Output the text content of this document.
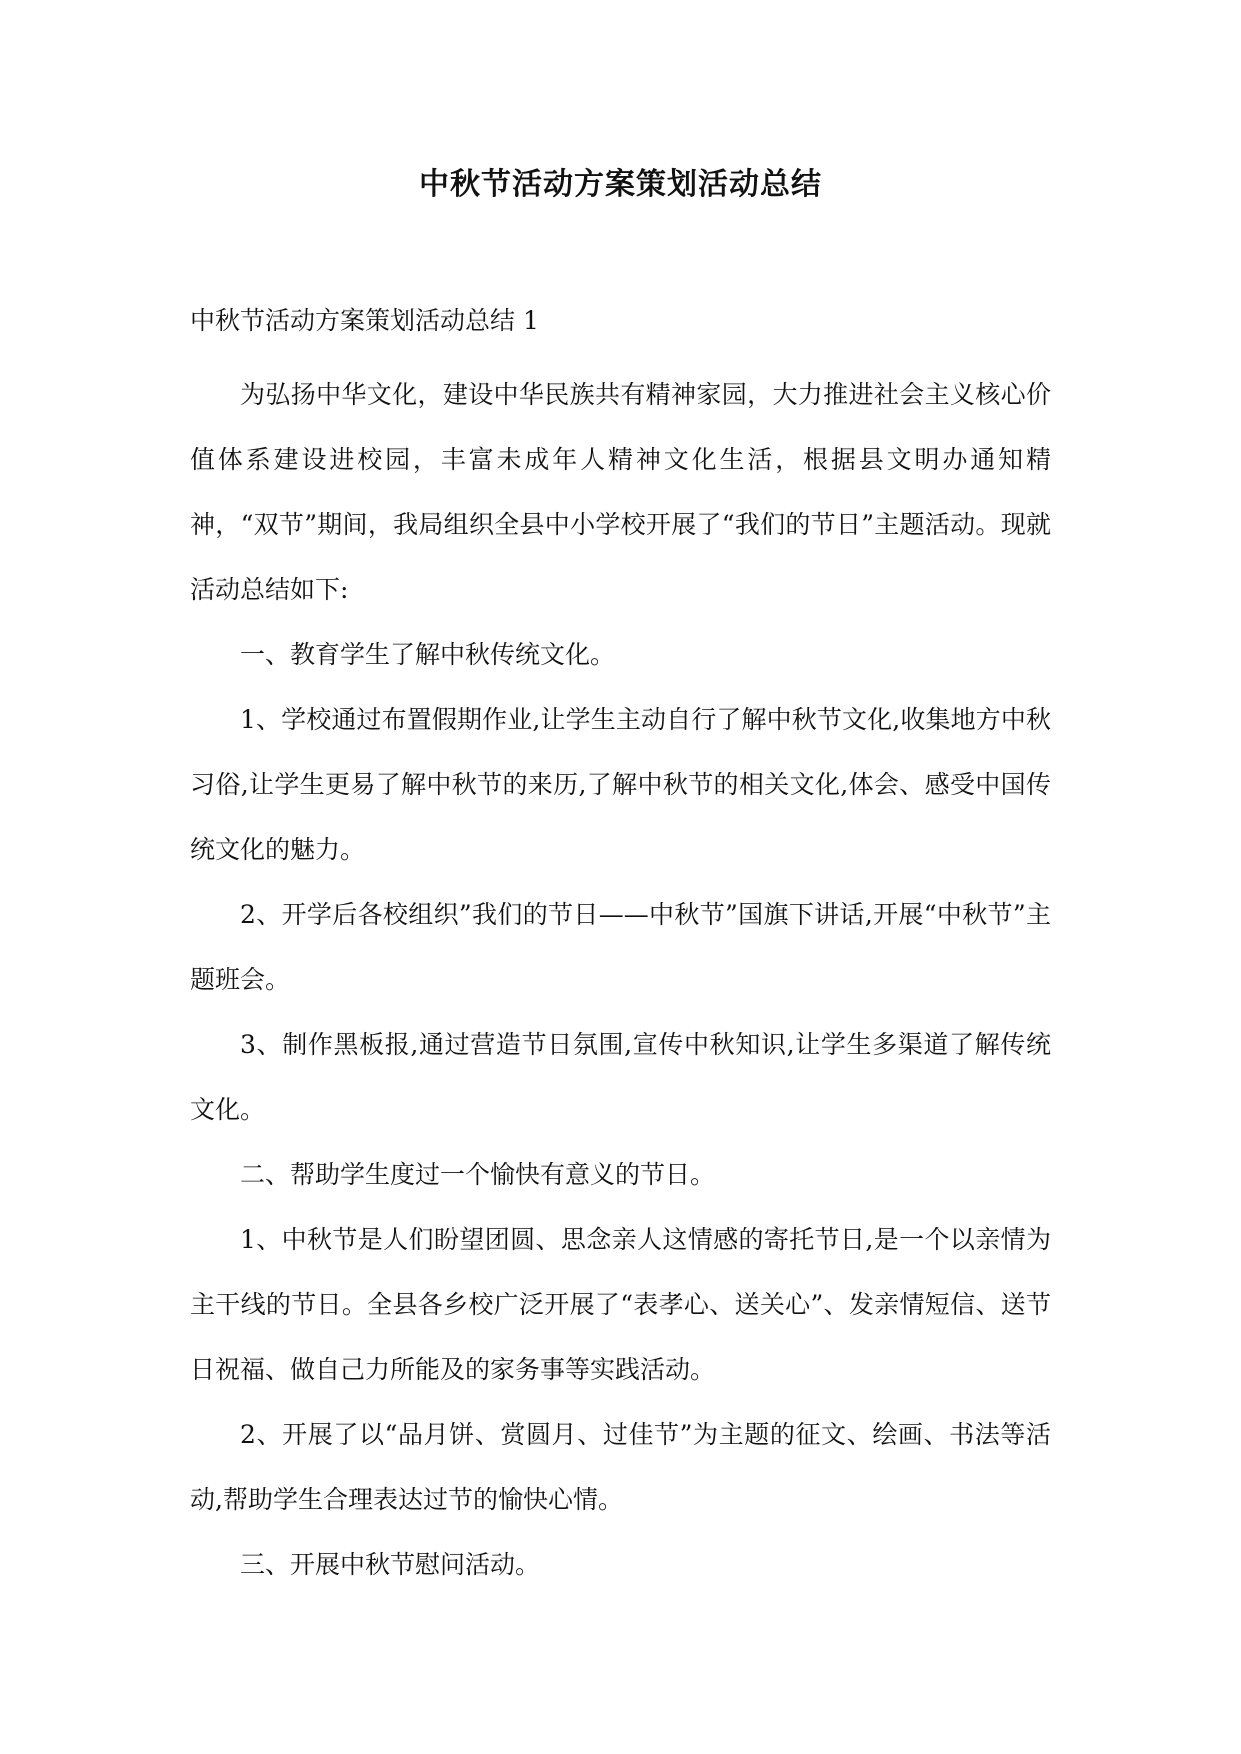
中秋节活动方案策划活动总结

中秋节活动方案策划活动总结 1

为弘扬中华文化，建设中华民族共有精神家园，大力推进社会主义核心价值体系建设进校园，丰富未成年人精神文化生活，根据县文明办通知精神，“双节”期间，我局组织全县中小学校开展了“我们的节日”主题活动。现就活动总结如下:

一、教育学生了解中秋传统文化。

1、学校通过布置假期作业,让学生主动自行了解中秋节文化,收集地方中秋习俗,让学生更易了解中秋节的来历,了解中秋节的相关文化,体会、感受中国传统文化的魅力。

2、开学后各校组织”我们的节日——中秋节”国旗下讲话,开展“中秋节”主题班会。

3、制作黑板报,通过营造节日氛围,宣传中秋知识,让学生多渠道了解传统文化。

二、帮助学生度过一个愉快有意义的节日。

1、中秋节是人们盼望团圆、思念亲人这情感的寄托节日,是一个以亲情为主干线的节日。全县各乡校广泛开展了“表孝心、送关心”、发亲情短信、送节日祝福、做自己力所能及的家务事等实践活动。

2、开展了以“品月饼、赏圆月、过佳节”为主题的征文、绘画、书法等活动,帮助学生合理表达过节的愉快心情。

三、开展中秋节慰问活动。
